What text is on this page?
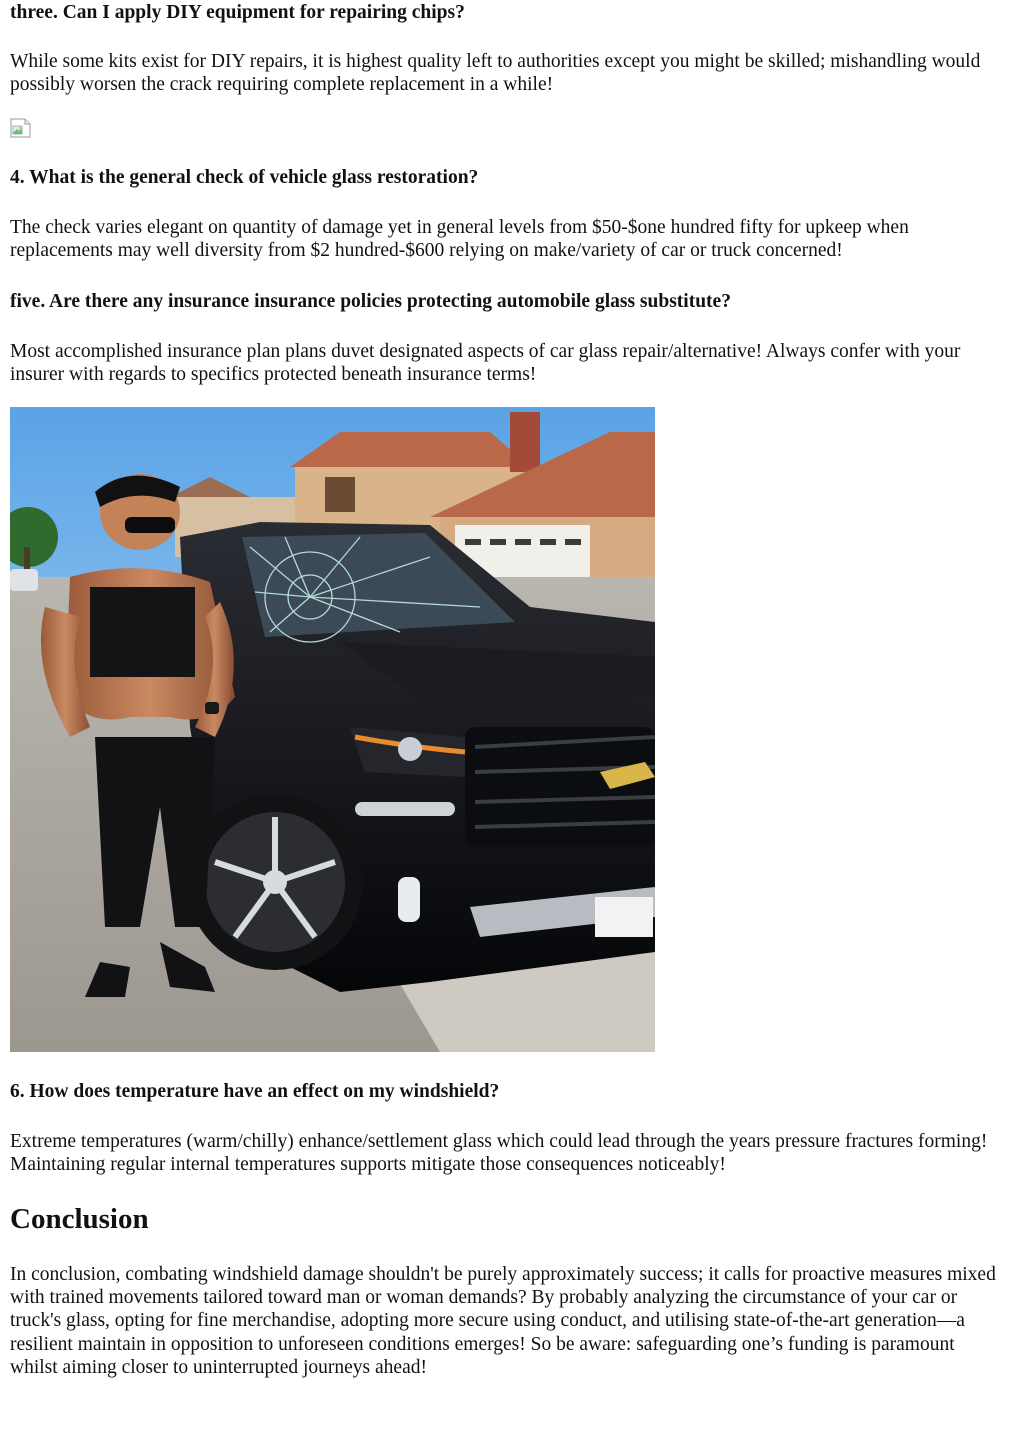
three. Can I apply DIY equipment for repairing chips?

While some kits exist for DIY repairs, it is highest quality left to authorities except you might be skilled; mishandling would possibly worsen the crack requiring complete replacement in a while!

4. What is the general check of vehicle glass restoration?

The check varies elegant on quantity of damage yet in general levels from $50-$one hundred fifty for upkeep when replacements may well diversity from $2 hundred-$600 relying on make/variety of car or truck concerned!

five. Are there any insurance insurance policies protecting automobile glass substitute?

Most accomplished insurance plan plans duvet designated aspects of car glass repair/alternative! Always confer with your insurer with regards to specifics protected beneath insurance terms!

6. How does temperature have an effect on my windshield?

Extreme temperatures (warm/chilly) enhance/settlement glass which could lead through the years pressure fractures forming! Maintaining regular internal temperatures supports mitigate those consequences noticeably!

Conclusion

In conclusion, combating windshield damage shouldn't be purely approximately success; it calls for proactive measures mixed with trained movements tailored toward man or woman demands? By probably analyzing the circumstance of your car or truck's glass, opting for fine merchandise, adopting more secure using conduct, and utilising state-of-the-art generation—a resilient maintain in opposition to unforeseen conditions emerges! So be aware: safeguarding one’s funding is paramount whilst aiming closer to uninterrupted journeys ahead!
